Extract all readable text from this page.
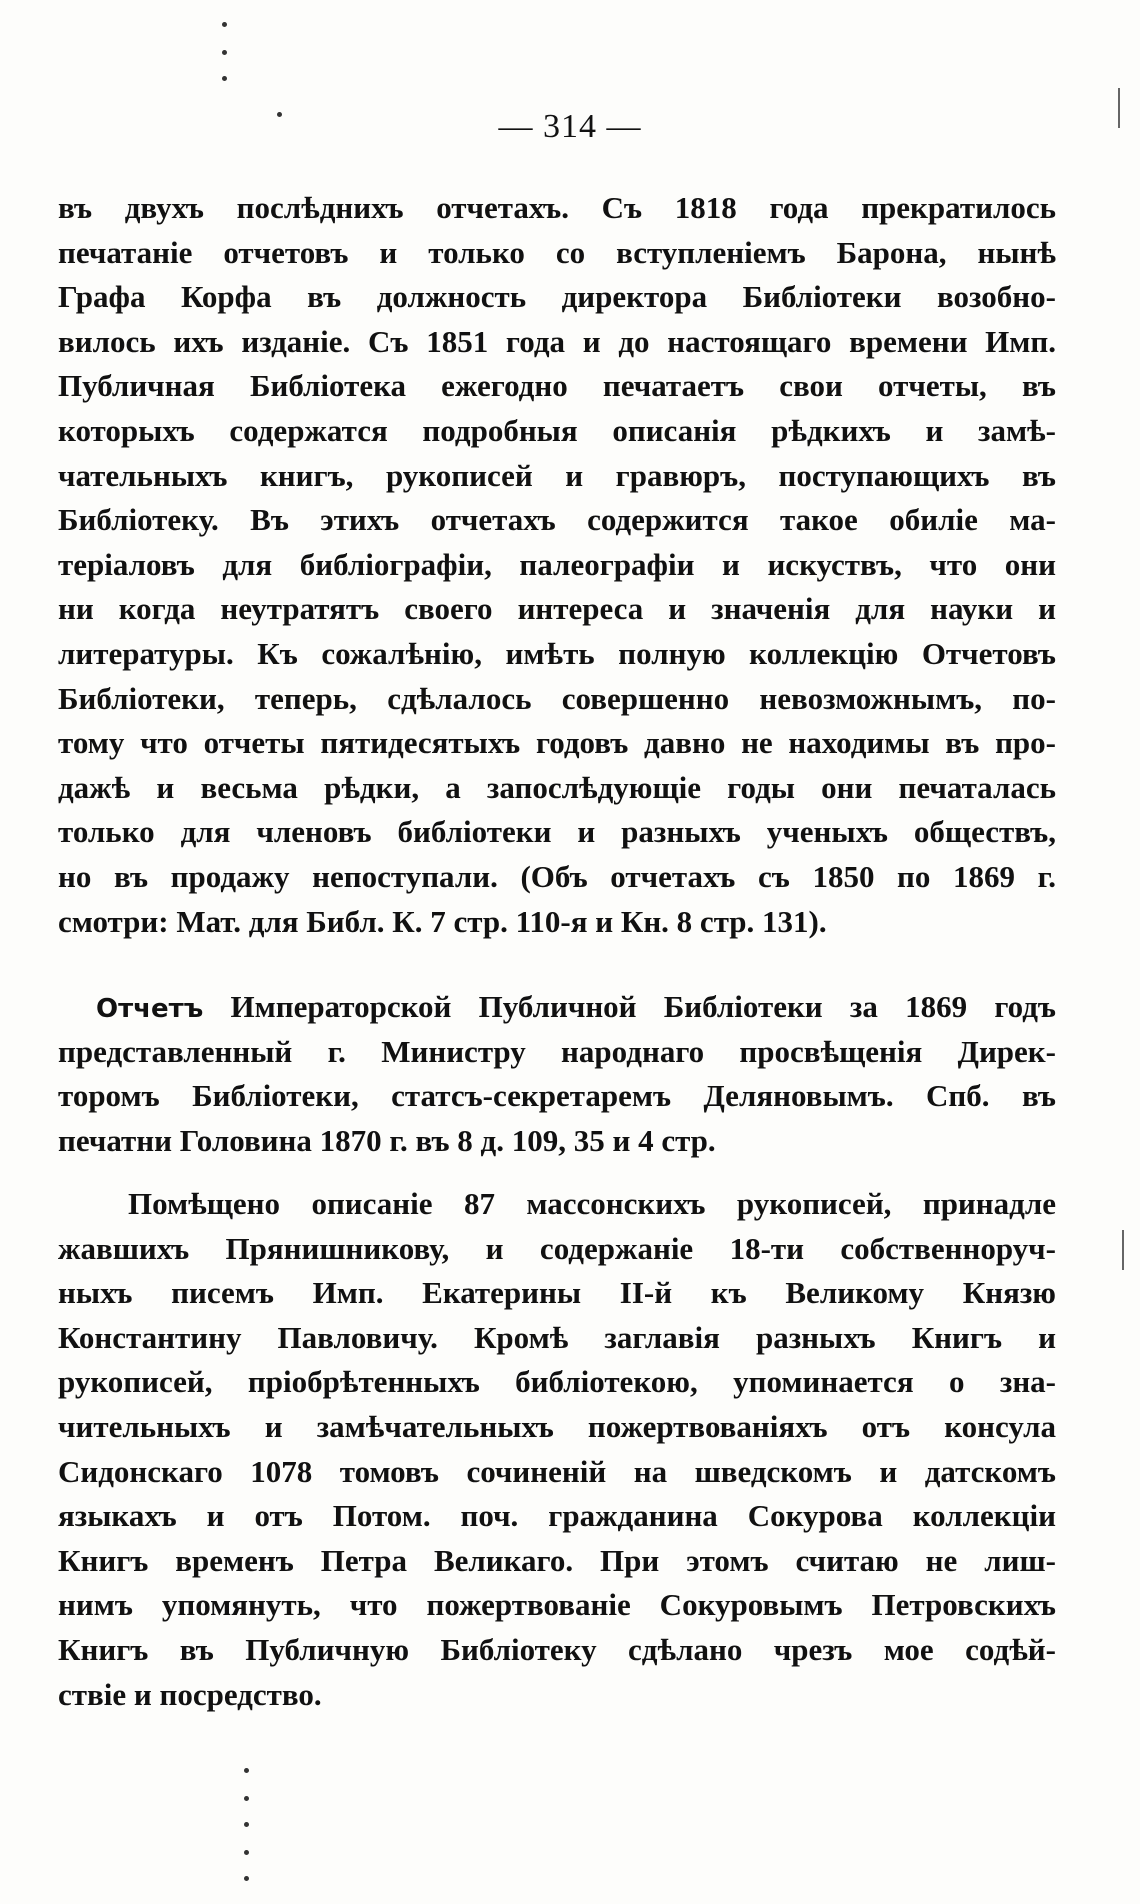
— 314 —
въ двухъ послѣднихъ отчетахъ. Съ 1818 года прекратилось
печатаніе отчетовъ и только со вступленіемъ Барона, нынѣ
Графа Корфа въ должность директора Библіотеки возобно-
вилось ихъ изданіе. Съ 1851 года и до настоящаго времени Имп.
Публичная Библіотека ежегодно печатаетъ свои отчеты, въ
которыхъ содержатся подробныя описанія рѣдкихъ и замѣ-
чательныхъ книгъ, рукописей и гравюръ, поступающихъ въ
Библіотеку. Въ этихъ отчетахъ содержится такое обиліе ма-
теріаловъ для библіографіи, палеографіи и искуствъ, что они
ни когда неутратятъ своего интереса и значенія для науки и
литературы. Къ сожалѣнію, имѣть полную коллекцію Отчетовъ
Библіотеки, теперь, сдѣлалось совершенно невозможнымъ, по-
тому что отчеты пятидесятыхъ годовъ давно не находимы въ про-
дажѣ и весьма рѣдки, а запослѣдующіе годы они печаталась
только для членовъ библіотеки и разныхъ ученыхъ обществъ,
но въ продажу непоступали. (Объ отчетахъ съ 1850 по 1869 г.
смотри: Мат. для Библ. К. 7 стр. 110-я и Кн. 8 стр. 131).
Отчетъ Императорской Публичной Библіотеки за 1869 годъ
представленный г. Министру народнаго просвѣщенія Дирек-
торомъ Библіотеки, статсъ-секретаремъ Деляновымъ. Спб. въ
печатни Головина 1870 г. въ 8 д. 109, 35 и 4 стр.
Помѣщено описаніе 87 массонскихъ рукописей, принадле
жавшихъ Прянишникову, и содержаніе 18-ти собственноруч-
ныхъ писемъ Имп. Екатерины II-й къ Великому Князю
Константину Павловичу. Кромѣ заглавія разныхъ Книгъ и
рукописей, пріобрѣтенныхъ библіотекою, упоминается о зна-
чительныхъ и замѣчательныхъ пожертвованіяхъ отъ консула
Сидонскаго 1078 томовъ сочиненій на шведскомъ и датскомъ
языкахъ и отъ Потом. поч. гражданина Сокурова коллекціи
Книгъ временъ Петра Великаго. При этомъ считаю не лиш-
нимъ упомянуть, что пожертвованіе Сокуровымъ Петровскихъ
Книгъ въ Публичную Библіотеку сдѣлано чрезъ мое содѣй-
ствіе и посредство.
